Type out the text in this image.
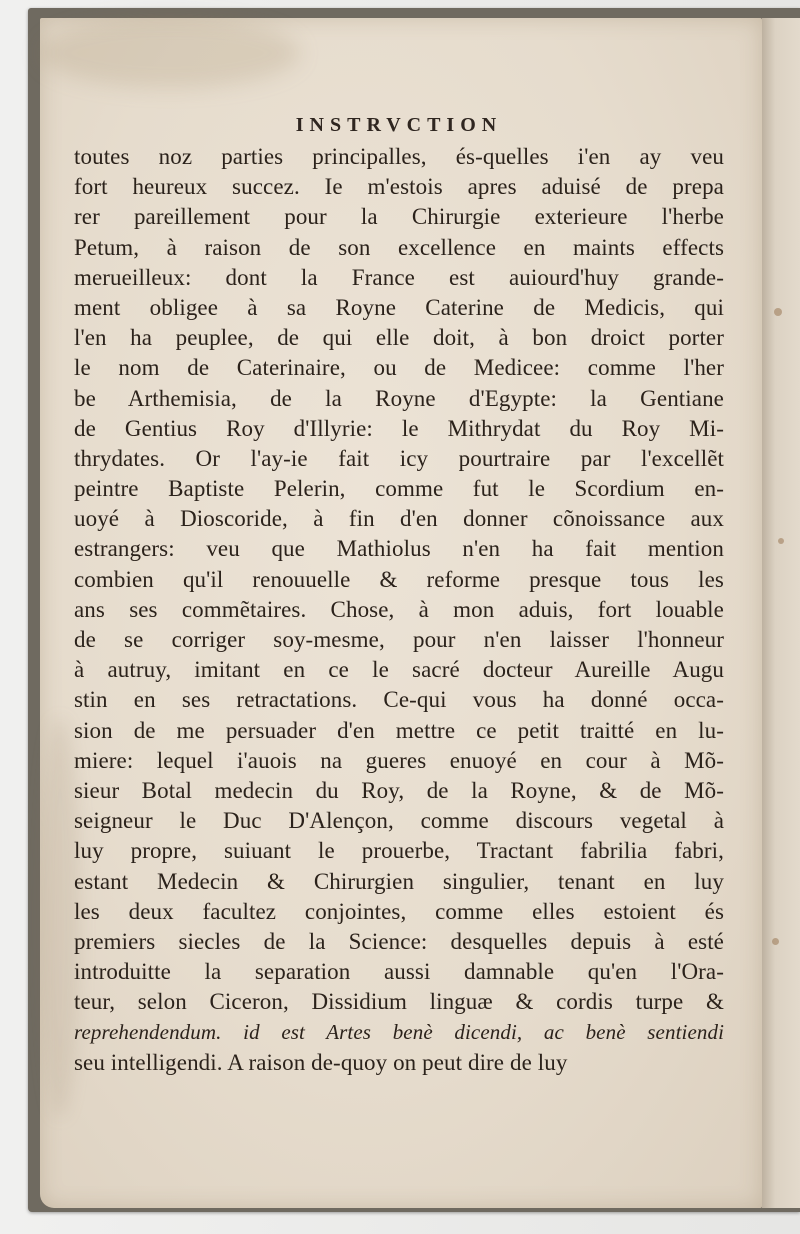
INSTRVCTION
toutes noz parties principalles, és-quelles i'en ay veu
fort heureux succez. Ie m'estois apres aduisé de prepa
rer pareillement pour la Chirurgie exterieure l'herbe
Petum, à raison de son excellence en maints effects
merueilleux: dont la France est auiourd'huy grande-
ment obligee à sa Royne Caterine de Medicis, qui
l'en ha peuplee, de qui elle doit, à bon droict porter
le nom de Caterinaire, ou de Medicee: comme l'her
be Arthemisia, de la Royne d'Egypte: la Gentiane
de Gentius Roy d'Illyrie: le Mithrydat du Roy Mi-
thrydates. Or l'ay-ie fait icy pourtraire par l'excellẽt
peintre Baptiste Pelerin, comme fut le Scordium en-
uoyé à Dioscoride, à fin d'en donner cõnoissance aux
estrangers: veu que Mathiolus n'en ha fait mention
combien qu'il renouuelle & reforme presque tous les
ans ses commẽtaires. Chose, à mon aduis, fort louable
de se corriger soy-mesme, pour n'en laisser l'honneur
à autruy, imitant en ce le sacré docteur Aureille Augu
stin en ses retractations. Ce-qui vous ha donné occa-
sion de me persuader d'en mettre ce petit traitté en lu-
miere: lequel i'auois na gueres enuoyé en cour à Mõ-
sieur Botal medecin du Roy, de la Royne, & de Mõ-
seigneur le Duc D'Alençon, comme discours vegetal à
luy propre, suiuant le prouerbe, Tractant fabrilia fabri,
estant Medecin & Chirurgien singulier, tenant en luy
les deux facultez conjointes, comme elles estoient és
premiers siecles de la Science: desquelles depuis à esté
introduitte la separation aussi damnable qu'en l'Ora-
teur, selon Ciceron, Dissidium linguæ & cordis turpe &
reprehendendum. id est Artes benè dicendi, ac benè sentiendi
seu intelligendi. A raison de-quoy on peut dire de luy
